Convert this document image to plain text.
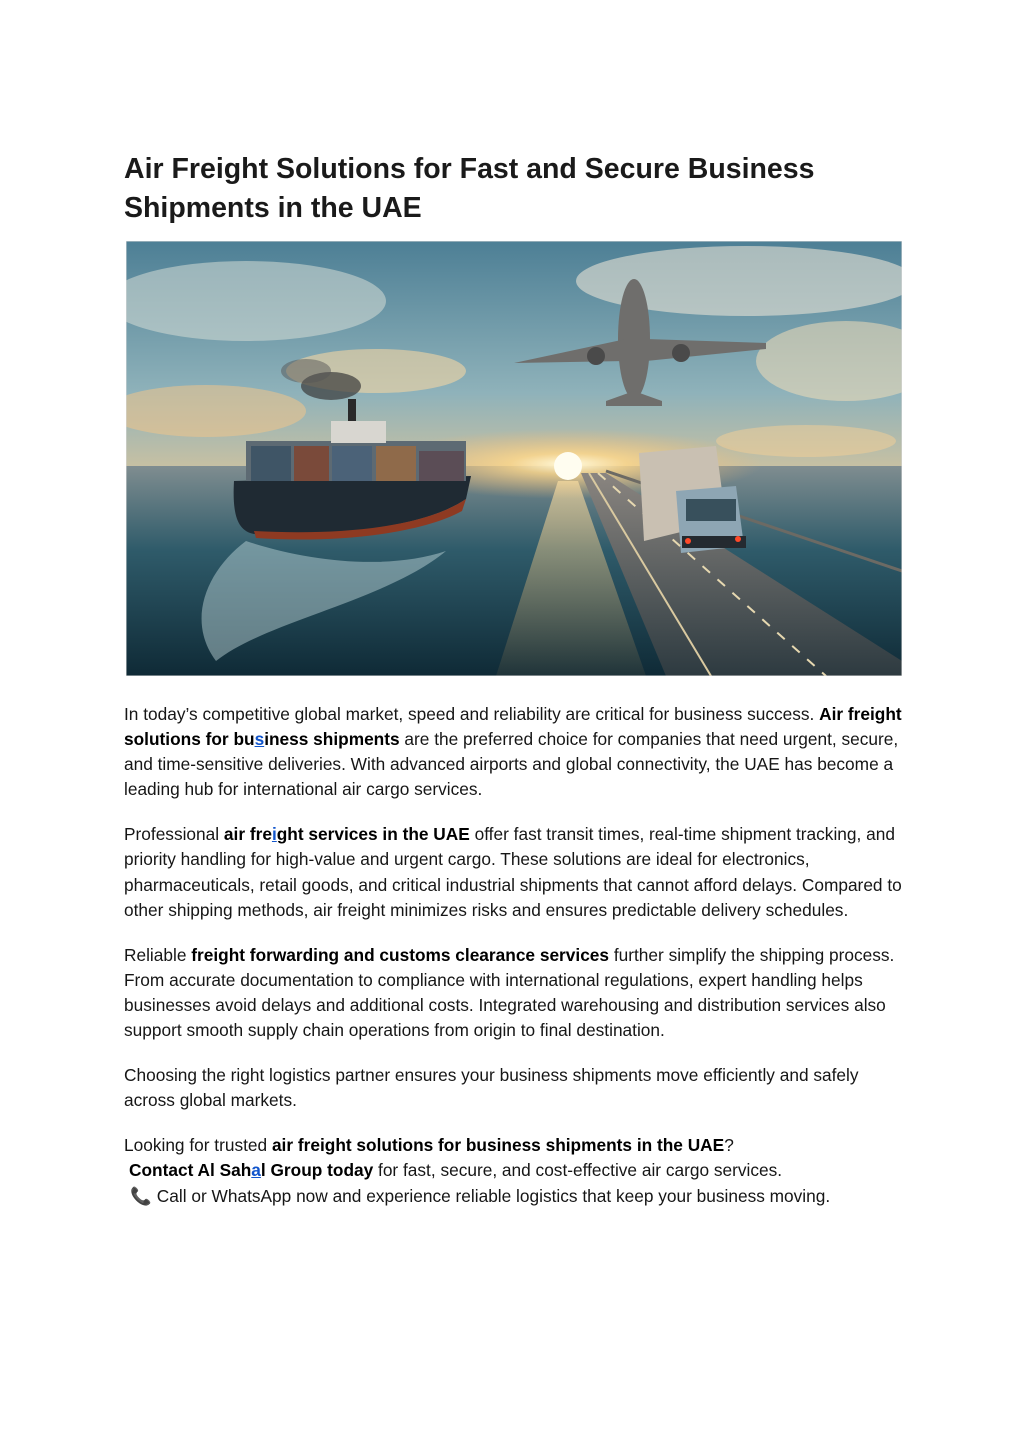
Air Freight Solutions for Fast and Secure Business Shipments in the UAE

In today’s competitive global market, speed and reliability are critical for business success. Air freight solutions for business shipments are the preferred choice for companies that need urgent, secure, and time-sensitive deliveries. With advanced airports and global connectivity, the UAE has become a leading hub for international air cargo services.

Professional air freight services in the UAE offer fast transit times, real-time shipment tracking, and priority handling for high-value and urgent cargo. These solutions are ideal for electronics, pharmaceuticals, retail goods, and critical industrial shipments that cannot afford delays. Compared to other shipping methods, air freight minimizes risks and ensures predictable delivery schedules.

Reliable freight forwarding and customs clearance services further simplify the shipping process. From accurate documentation to compliance with international regulations, expert handling helps businesses avoid delays and additional costs. Integrated warehousing and distribution services also support smooth supply chain operations from origin to final destination.

Choosing the right logistics partner ensures your business shipments move efficiently and safely across global markets.

Looking for trusted air freight solutions for business shipments in the UAE?
Contact Al Sahal Group today for fast, secure, and cost-effective air cargo services.
📞 Call or WhatsApp now and experience reliable logistics that keep your business moving.
